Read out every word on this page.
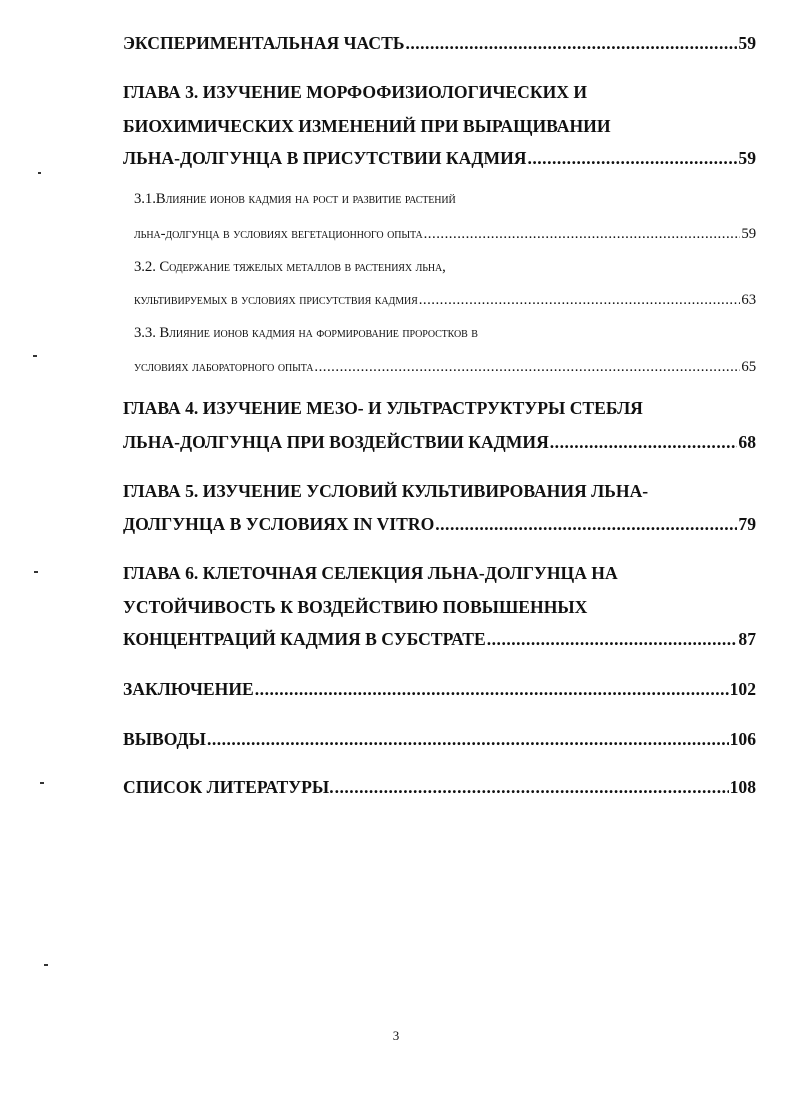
ЭКСПЕРИМЕНТАЛЬНАЯ ЧАСТЬ .....	59
ГЛАВА 3. ИЗУЧЕНИЕ МОРФОФИЗИОЛОГИЧЕСКИХ И
БИОХИМИЧЕСКИХ ИЗМЕНЕНИЙ ПРИ ВЫРАЩИВАНИИ
ЛЬНА-ДОЛГУНЦА В ПРИСУТСТВИИ КАДМИЯ .....	59
3.1.Влияние ионов кадмия на рост и развитие растений
льна-долгунца в условиях вегетационного опыта .....	59
3.2. Содержание тяжелых металлов в растениях льна,
культивируемых в условиях присутствия кадмия .....	63
3.3. Влияние ионов кадмия на формирование проростков в
условиях лабораторного опыта .....	65
ГЛАВА 4. ИЗУЧЕНИЕ МЕЗО- И УЛЬТРАСТРУКТУРЫ СТЕБЛЯ
ЛЬНА-ДОЛГУНЦА ПРИ ВОЗДЕЙСТВИИ КАДМИЯ .....	68
ГЛАВА 5. ИЗУЧЕНИЕ УСЛОВИЙ КУЛЬТИВИРОВАНИЯ ЛЬНА-
ДОЛГУНЦА В УСЛОВИЯХ IN VITRO .....	79
ГЛАВА 6. КЛЕТОЧНАЯ СЕЛЕКЦИЯ ЛЬНА-ДОЛГУНЦА НА
УСТОЙЧИВОСТЬ К ВОЗДЕЙСТВИЮ ПОВЫШЕННЫХ
КОНЦЕНТРАЦИЙ КАДМИЯ В СУБСТРАТЕ .....	87
ЗАКЛЮЧЕНИЕ .....	102
ВЫВОДЫ .....	106
СПИСОК ЛИТЕРАТУРЫ. .....	108
3
